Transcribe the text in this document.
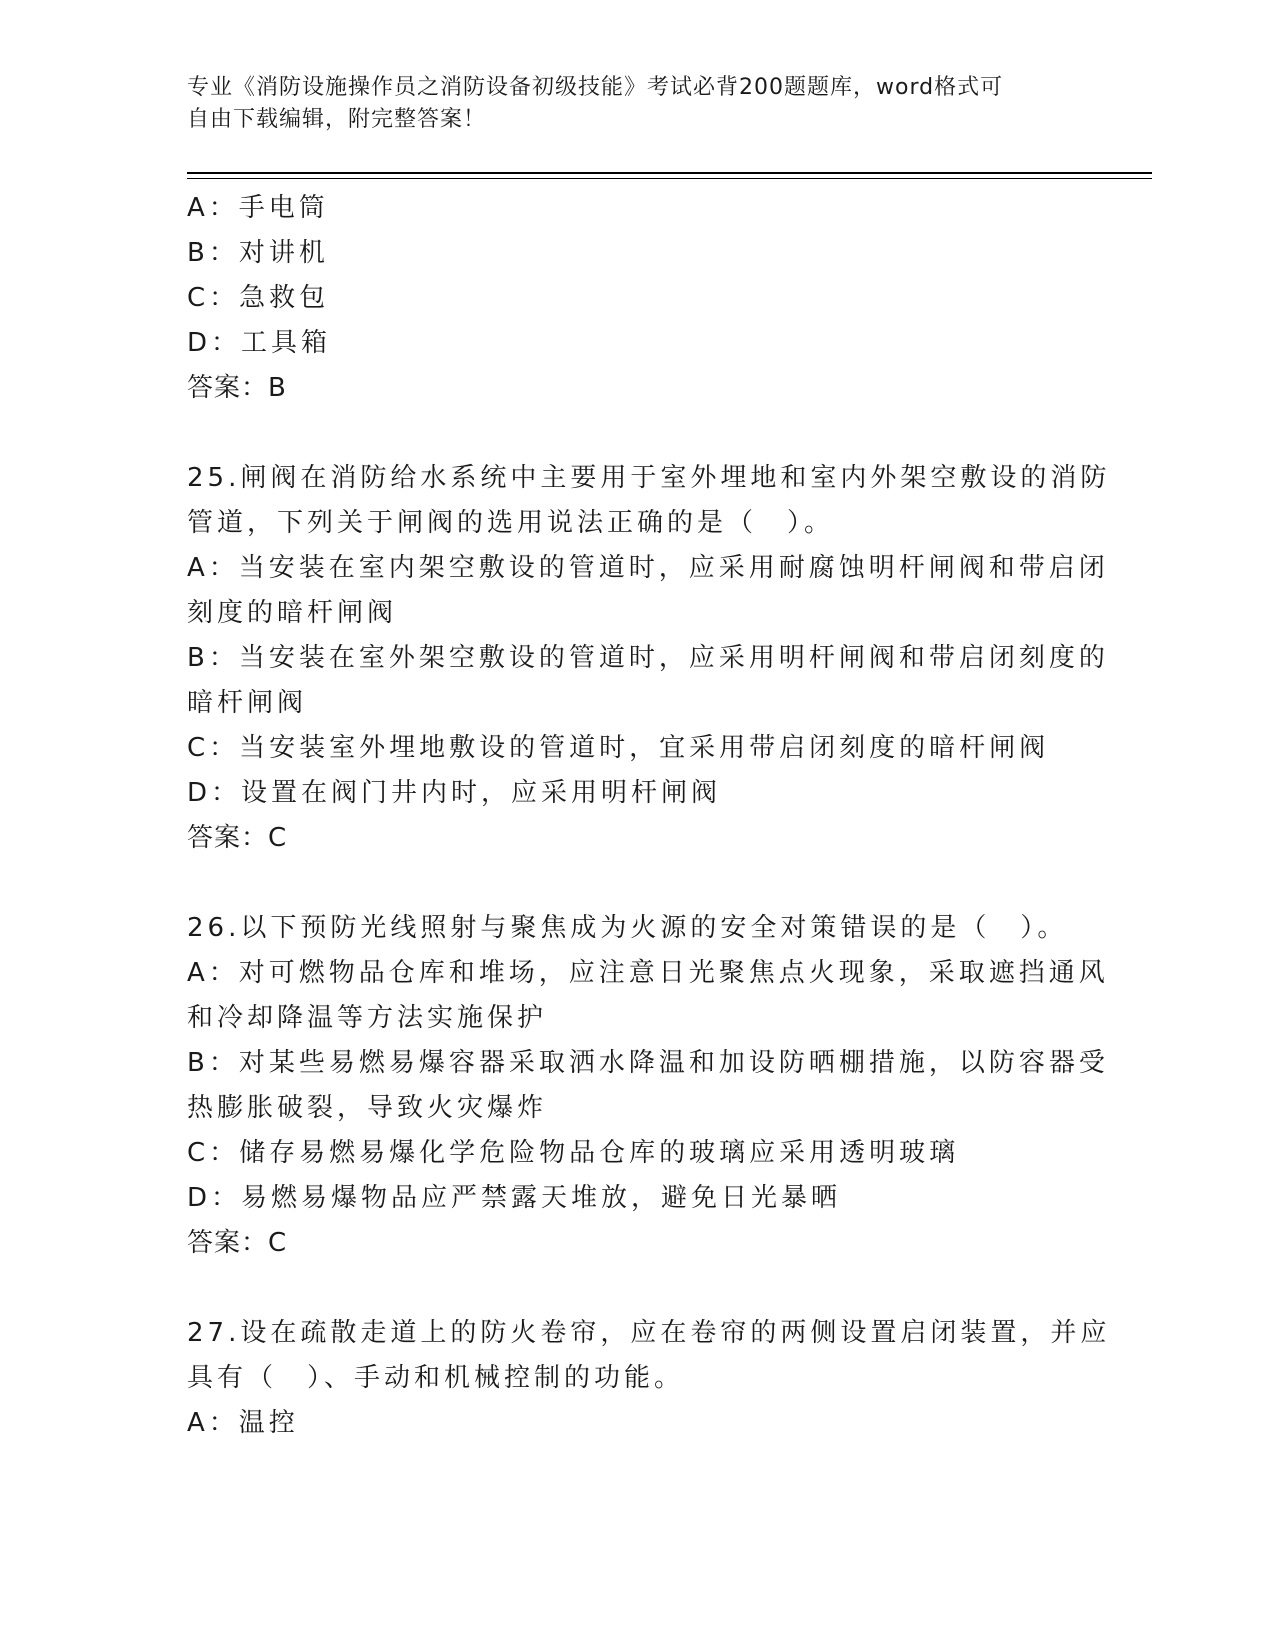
专业《消防设施操作员之消防设备初级技能》考试必背200题题库，word格式可
自由下载编辑，附完整答案！
A：手电筒
B：对讲机
C：急救包
D：工具箱
答案：B
25.闸阀在消防给水系统中主要用于室外埋地和室内外架空敷设的消防
管道，下列关于闸阀的选用说法正确的是（　）。
A：当安装在室内架空敷设的管道时，应采用耐腐蚀明杆闸阀和带启闭
刻度的暗杆闸阀
B：当安装在室外架空敷设的管道时，应采用明杆闸阀和带启闭刻度的
暗杆闸阀
C：当安装室外埋地敷设的管道时，宜采用带启闭刻度的暗杆闸阀
D：设置在阀门井内时，应采用明杆闸阀
答案：C
26.以下预防光线照射与聚焦成为火源的安全对策错误的是（　）。
A：对可燃物品仓库和堆场，应注意日光聚焦点火现象，采取遮挡通风
和冷却降温等方法实施保护
B：对某些易燃易爆容器采取洒水降温和加设防晒棚措施，以防容器受
热膨胀破裂，导致火灾爆炸
C：储存易燃易爆化学危险物品仓库的玻璃应采用透明玻璃
D：易燃易爆物品应严禁露天堆放，避免日光暴晒
答案：C
27.设在疏散走道上的防火卷帘，应在卷帘的两侧设置启闭装置，并应
具有（　）、手动和机械控制的功能。
A：温控
